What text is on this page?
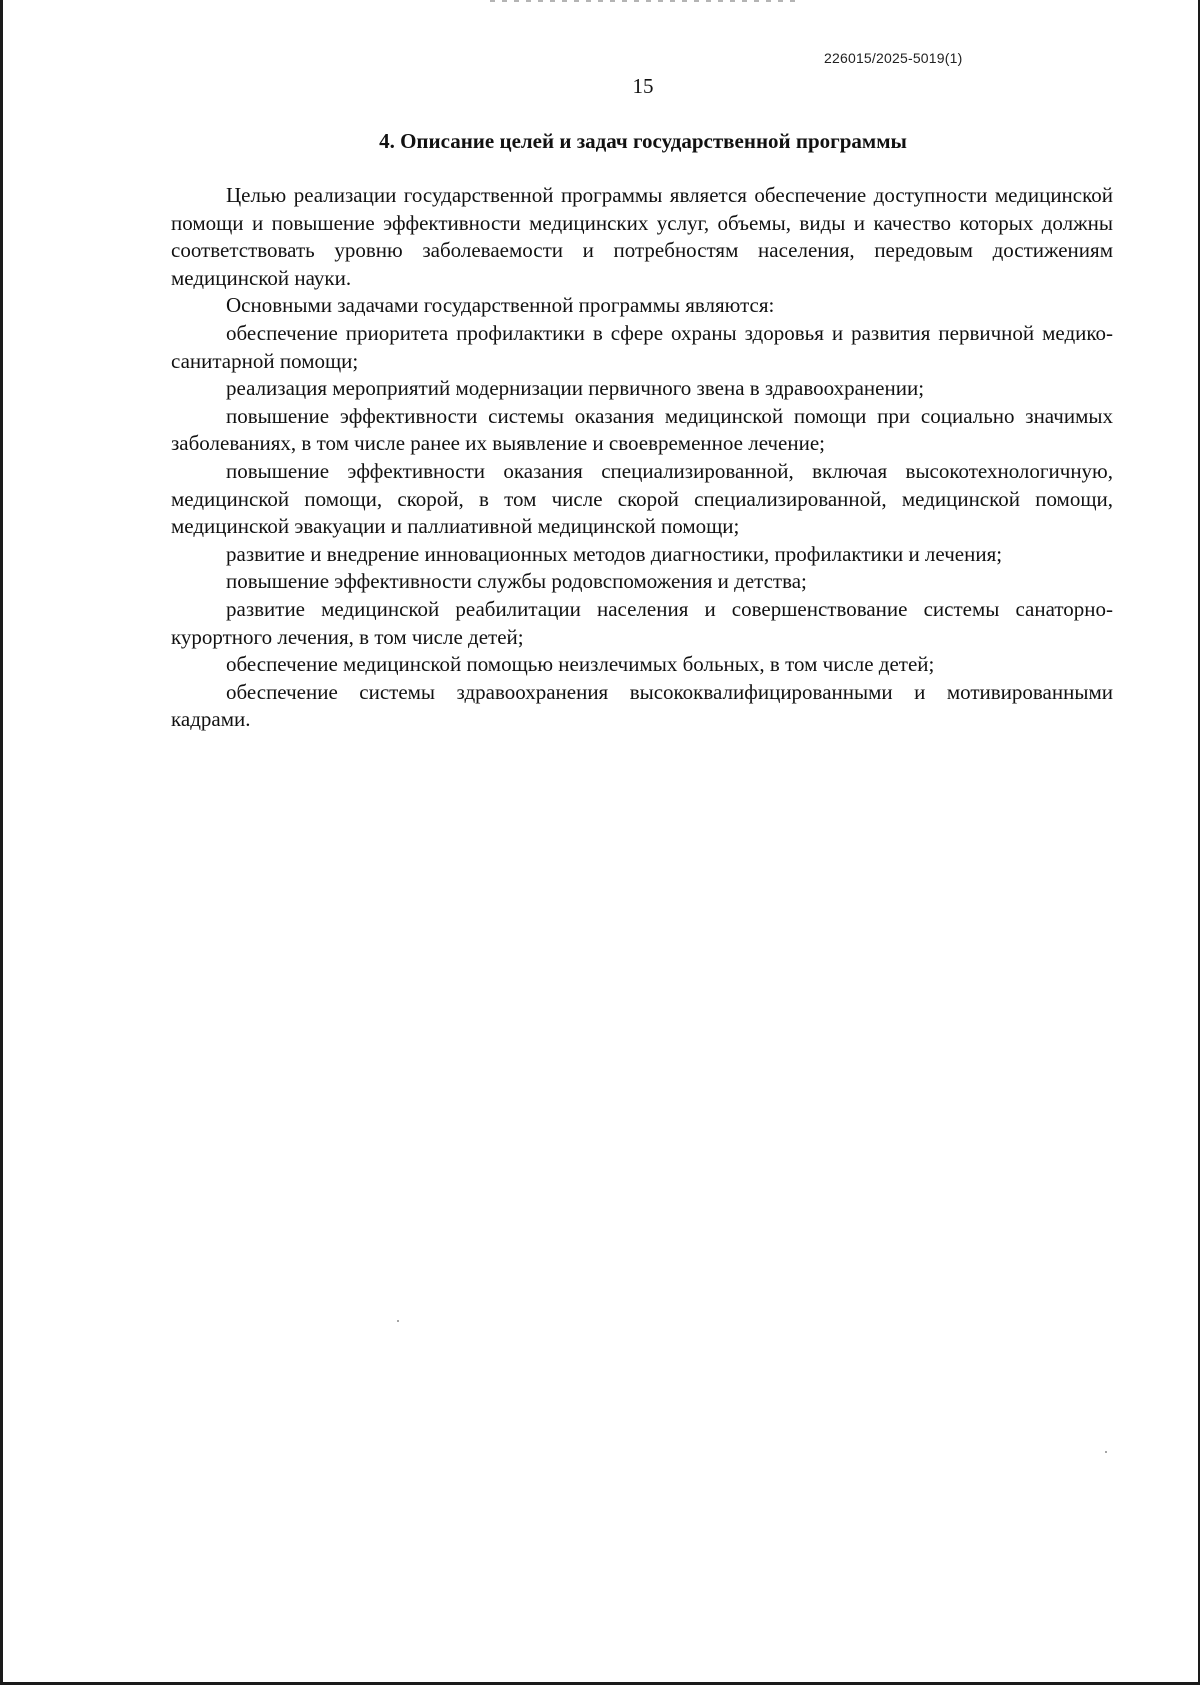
226015/2025-5019(1)
15
4. Описание целей и задач государственной программы

Целью реализации государственной программы является обеспечение доступности медицинской помощи и повышение эффективности медицинских услуг, объемы, виды и качество которых должны соответствовать уровню заболеваемости и потребностям населения, передовым достижениям медицинской науки.

Основными задачами государственной программы являются:

обеспечение приоритета профилактики в сфере охраны здоровья и развития первичной медико-санитарной помощи;

реализация мероприятий модернизации первичного звена в здравоохранении;

повышение эффективности системы оказания медицинской помощи при социально значимых заболеваниях, в том числе ранее их выявление и своевременное лечение;

повышение эффективности оказания специализированной, включая высокотехнологичную, медицинской помощи, скорой, в том числе скорой специализированной, медицинской помощи, медицинской эвакуации и паллиативной медицинской помощи;

развитие и внедрение инновационных методов диагностики, профилактики и лечения;

повышение эффективности службы родовспоможения и детства;

развитие медицинской реабилитации населения и совершенствование системы санаторно-курортного лечения, в том числе детей;

обеспечение медицинской помощью неизлечимых больных, в том числе детей;

обеспечение системы здравоохранения высококвалифицированными и мотивированными кадрами.
